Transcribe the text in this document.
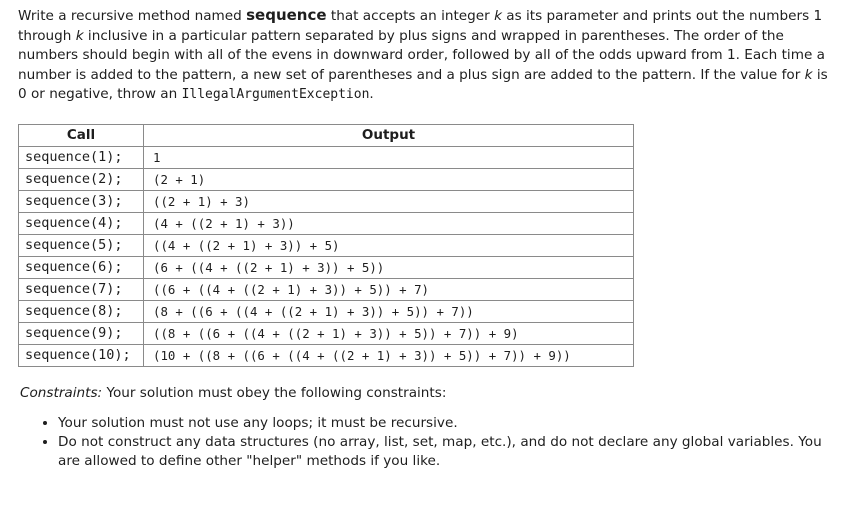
Write a recursive method named sequence that accepts an integer k as its parameter and prints out the numbers 1 through k inclusive in a particular pattern separated by plus signs and wrapped in parentheses. The order of the numbers should begin with all of the evens in downward order, followed by all of the odds upward from 1. Each time a number is added to the pattern, a new set of parentheses and a plus sign are added to the pattern. If the value for k is 0 or negative, throw an IllegalArgumentException.

Call	Output
sequence(1);	1
sequence(2);	(2 + 1)
sequence(3);	((2 + 1) + 3)
sequence(4);	(4 + ((2 + 1) + 3))
sequence(5);	((4 + ((2 + 1) + 3)) + 5)
sequence(6);	(6 + ((4 + ((2 + 1) + 3)) + 5))
sequence(7);	((6 + ((4 + ((2 + 1) + 3)) + 5)) + 7)
sequence(8);	(8 + ((6 + ((4 + ((2 + 1) + 3)) + 5)) + 7))
sequence(9);	((8 + ((6 + ((4 + ((2 + 1) + 3)) + 5)) + 7)) + 9)
sequence(10);	(10 + ((8 + ((6 + ((4 + ((2 + 1) + 3)) + 5)) + 7)) + 9))

Constraints: Your solution must obey the following constraints:

• Your solution must not use any loops; it must be recursive.
• Do not construct any data structures (no array, list, set, map, etc.), and do not declare any global variables. You are allowed to define other "helper" methods if you like.
